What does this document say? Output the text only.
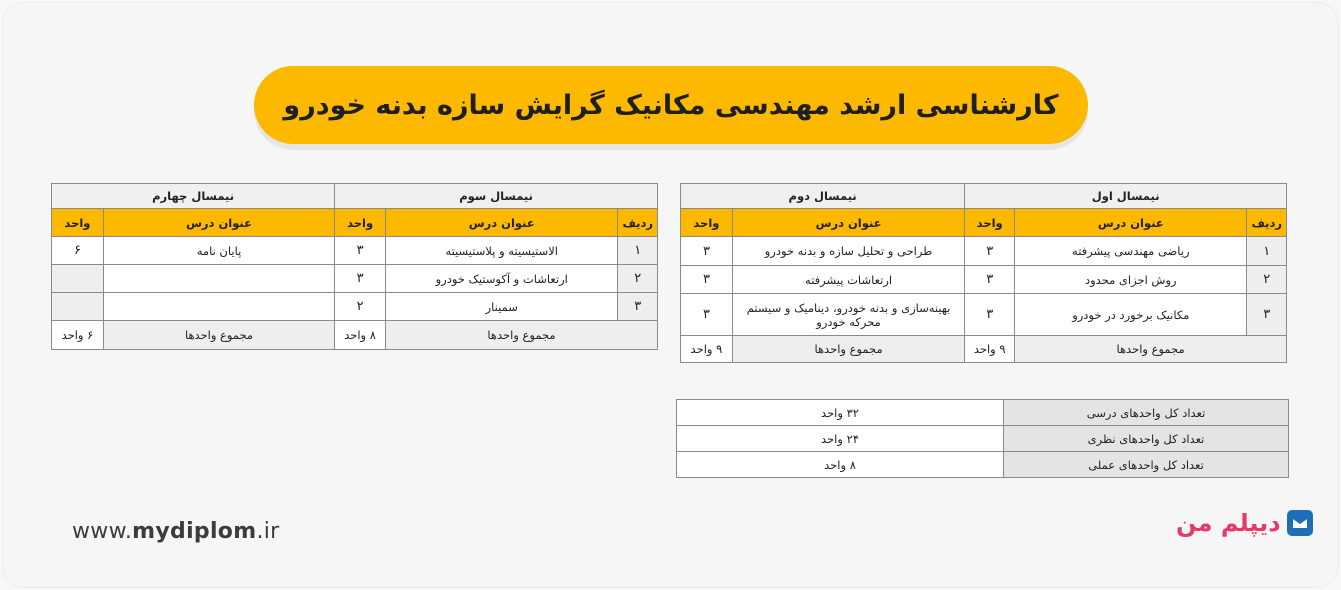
کارشناسی ارشد مهندسی مکانیک گرایش سازه بدنه خودرو
نیمسال اول			نیمسال دوم	
ردیف	عنوان درس	واحد	عنوان درس	واحد
۱	ریاضی مهندسی پیشرفته	۳	طراحی و تحلیل سازه و بدنه خودرو	۳
۲	روش اجزای محدود	۳	ارتعاشات پیشرفته	۳
۳	مکانیک برخورد در خودرو	۳	بهینه‌سازی و بدنه خودرو، دینامیک و سیستم محرکه خودرو	۳
مجموع واحدها		۹ واحد	مجموع واحدها	۹ واحد
نیمسال سوم			نیمسال چهارم	
ردیف	عنوان درس	واحد	عنوان درس	واحد
۱	الاستیسیته و پلاستیسیته	۳	پایان نامه	۶
۲	ارتعاشات و آکوستیک خودرو	۳		
۳	سمینار	۲		
مجموع واحدها		۸ واحد	مجموع واحدها	۶ واحد
تعداد کل واحدهای درسی	۳۲ واحد
تعداد کل واحدهای نظری	۲۴ واحد
تعداد کل واحدهای عملی	۸ واحد
www.mydiplom.ir	دیپلم من
